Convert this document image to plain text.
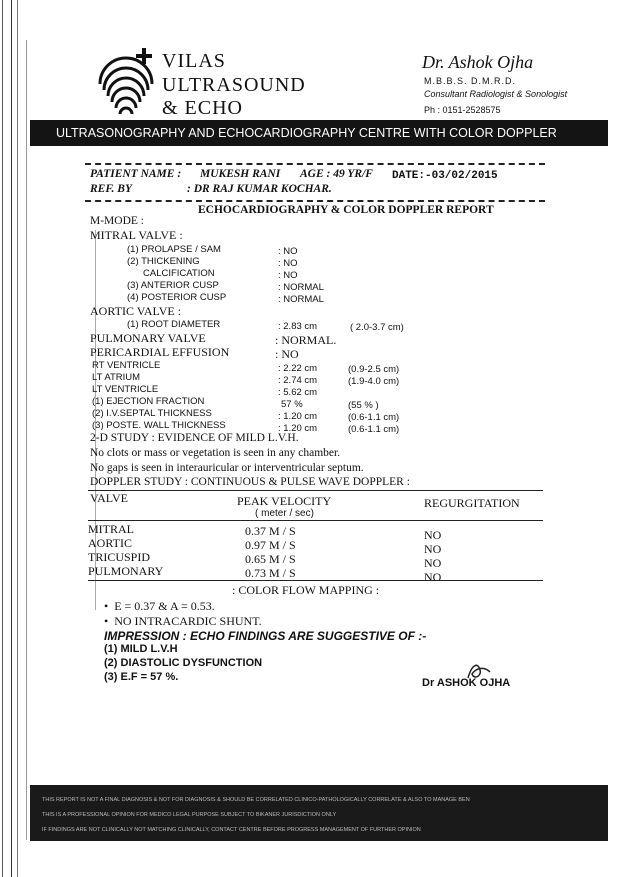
VILAS
ULTRASOUND
& ECHO
Dr. Ashok Ojha
M.B.B.S. D.M.R.D.
Consultant Radiologist & Sonologist
Ph : 0151-2528575
ULTRASONOGRAPHY AND ECHOCARDIOGRAPHY CENTRE WITH COLOR DOPPLER
PATIENT NAME : MUKESH RANI AGE : 49 YR/F DATE:-03/02/2015
REF. BY	: DR RAJ KUMAR KOCHAR.
ECHOCARDIOGRAPHY & COLOR DOPPLER REPORT
M-MODE :
MITRAL VALVE :
(1) PROLAPSE / SAM	: NO
(2) THICKENING	: NO
CALCIFICATION	: NO
(3) ANTERIOR CUSP	: NORMAL
(4) POSTERIOR CUSP	: NORMAL
AORTIC VALVE :
(1) ROOT DIAMETER	: 2.83 cm	( 2.0-3.7 cm)
PULMONARY VALVE	: NORMAL.
PERICARDIAL EFFUSION	: NO
RT VENTRICLE	: 2.22 cm	(0.9-2.5 cm)
LT ATRIUM	: 2.74 cm	(1.9-4.0 cm)
LT VENTRICLE	: 5.62 cm
(1) EJECTION FRACTION	57 %	(55 % )
(2) I.V.SEPTAL THICKNESS	: 1.20 cm	(0.6-1.1 cm)
(3) POSTE. WALL THICKNESS	: 1.20 cm	(0.6-1.1 cm)
2-D STUDY : EVIDENCE OF MILD L.V.H.
No clots or mass or vegetation is seen in any chamber.
No gaps is seen in interauricular or interventricular septum.
DOPPLER STUDY : CONTINUOUS & PULSE WAVE DOPPLER :
VALVE	PEAK VELOCITY
( meter / sec)
REGURGITATION
MITRAL	0.37 M / S	NO
AORTIC	0.97 M / S	NO
TRICUSPID	0.65 M / S	NO
PULMONARY	0.73 M / S	NO
: COLOR FLOW MAPPING :
•  E = 0.37 & A = 0.53.
•  NO INTRACARDIC SHUNT.
IMPRESSION : ECHO FINDINGS ARE SUGGESTIVE OF :-
(1) MILD L.V.H
(2) DIASTOLIC DYSFUNCTION
(3) E.F = 57 %.	Dr ASHOK OJHA
THIS REPORT IS NOT A FINAL DIAGNOSIS & NOT FOR DIAGNOSIS & SHOULD BE CORRELATED CLINICO-PATHOLOGICALLY CORRELATE & ALSO TO MANAGE BEN
THIS IS A PROFESSIONAL OPINION FOR MEDICO LEGAL PURPOSE SUBJECT TO BIKANER JURISDICTION ONLY
IF FINDINGS ARE NOT CLINICALLY NOT MATCHING CLINICALLY, CONTACT CENTRE BEFORE PROGRESS MANAGEMENT OF FURTHER OPINION
